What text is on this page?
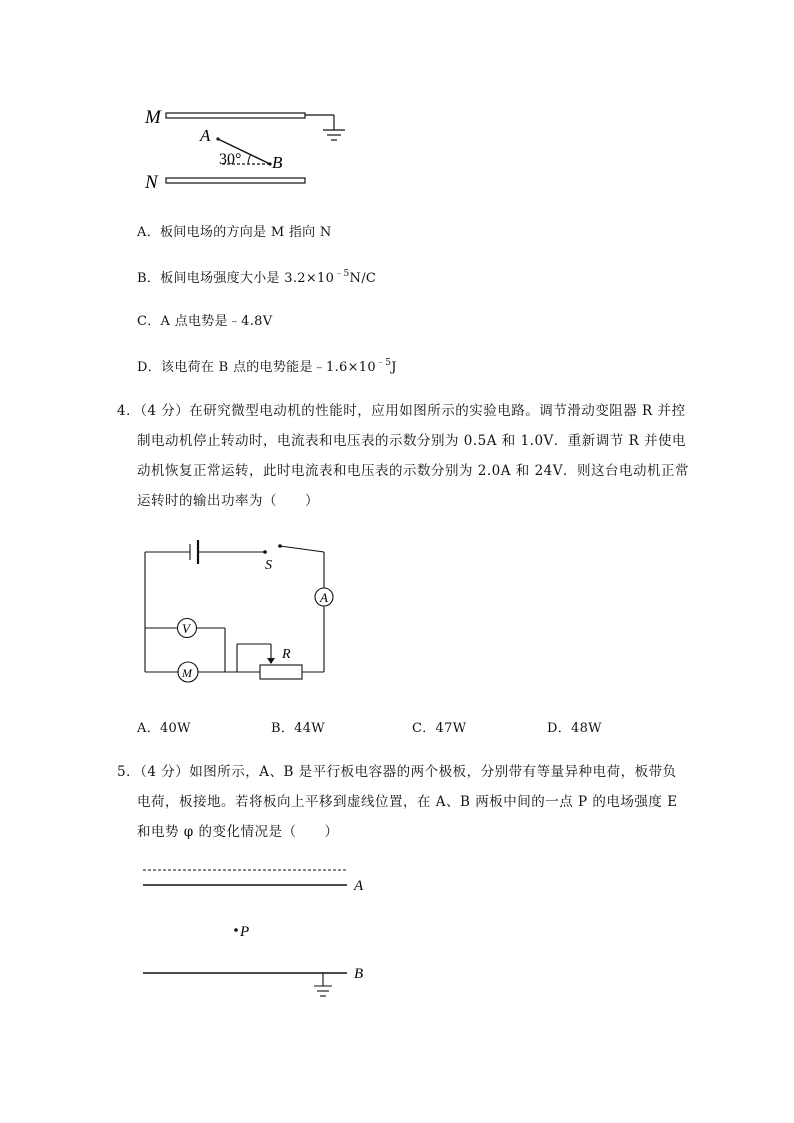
M
N
A
B
30°
A．板间电场的方向是 M 指向 N
B．板间电场强度大小是 $3.2\times 10^{﹣5}N/C$
C．A 点电势是﹣4.8V
D．该电荷在 B 点的电势能是$﹣1.6\times 10^{﹣5}J$
4．（4 分）在研究微型电动机的性能时，应用如图所示的实验电路。调节滑动变阻器 R 并控
制电动机停止转动时，电流表和电压表的示数分别为 0.5A 和 1.0V．重新调节 R 并使电
动机恢复正常运转，此时电流表和电压表的示数分别为 2.0A 和 24V．则这台电动机正常
运转时的输出功率为（　　）
A
V
M
S
R
A．40W	B．44W	C．47W	D．48W
5．（4 分）如图所示，A、B 是平行板电容器的两个极板，分别带有等量异种电荷，板带负
电荷，板接地。若将板向上平移到虚线位置，在 A、B 两板中间的一点 P 的电场强度 E
和电势 φ 的变化情况是（　　）
P
A
B
